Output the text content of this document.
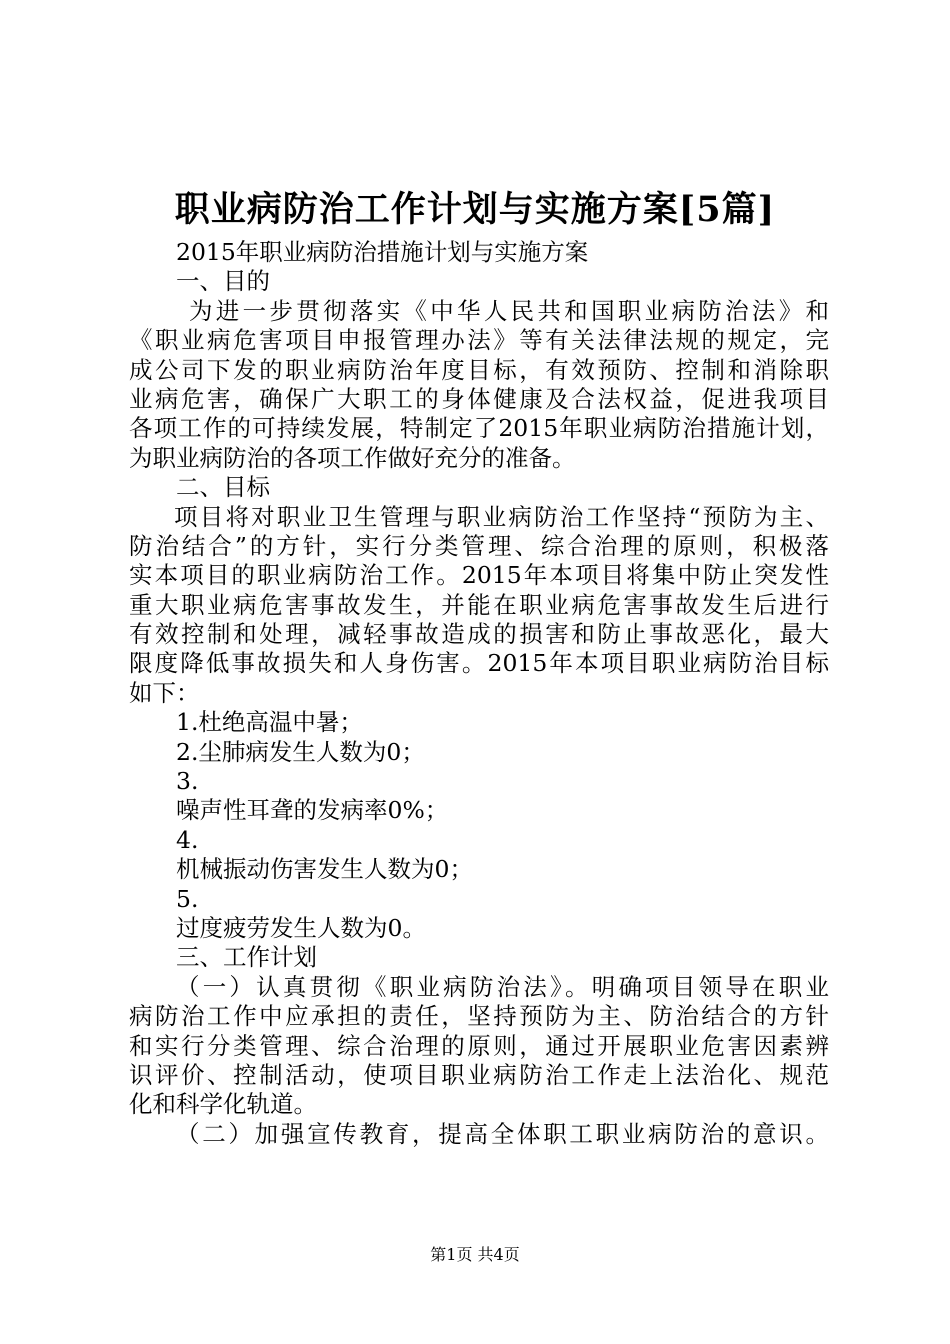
职业病防治工作计划与实施方案[5篇]
2015年职业病防治措施计划与实施方案
一、目的
为进一步贯彻落实《中华人民共和国职业病防治法》和
《职业病危害项目申报管理办法》等有关法律法规的规定，完
成公司下发的职业病防治年度目标，有效预防、控制和消除职
业病危害，确保广大职工的身体健康及合法权益，促进我项目
各项工作的可持续发展，特制定了2015年职业病防治措施计划，
为职业病防治的各项工作做好充分的准备。
二、目标
项目将对职业卫生管理与职业病防治工作坚持“预防为主、
防治结合”的方针，实行分类管理、综合治理的原则，积极落
实本项目的职业病防治工作。2015年本项目将集中防止突发性
重大职业病危害事故发生，并能在职业病危害事故发生后进行
有效控制和处理，减轻事故造成的损害和防止事故恶化，最大
限度降低事故损失和人身伤害。2015年本项目职业病防治目标
如下：
1.杜绝高温中暑；
2.尘肺病发生人数为0；
3.
噪声性耳聋的发病率0%；
4.
机械振动伤害发生人数为0；
5.
过度疲劳发生人数为0。
三、工作计划
（一）认真贯彻《职业病防治法》。明确项目领导在职业
病防治工作中应承担的责任，坚持预防为主、防治结合的方针
和实行分类管理、综合治理的原则，通过开展职业危害因素辨
识评价、控制活动，使项目职业病防治工作走上法治化、规范
化和科学化轨道。
（二）加强宣传教育，提高全体职工职业病防治的意识。
第1页 共4页
